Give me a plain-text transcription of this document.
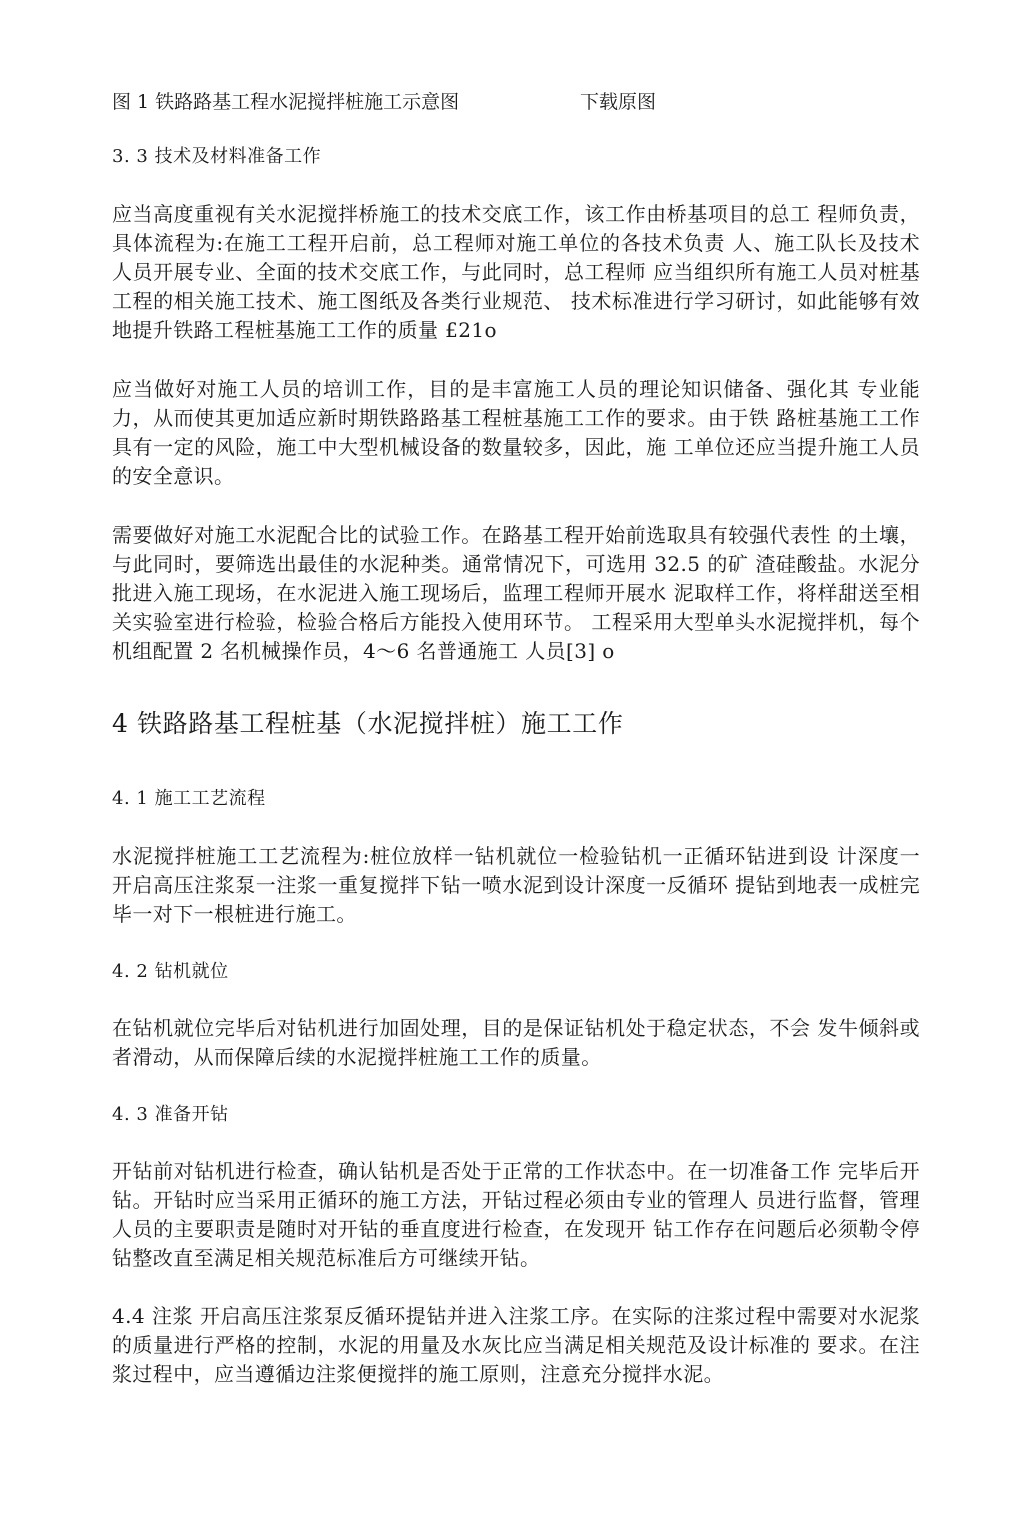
图 1 铁路路基工程水泥搅拌桩施工示意图	下载原图
3. 3 技术及材料准备工作

应当高度重视有关水泥搅拌桥施工的技术交底工作，该工作由桥基项目的总工 程师负责，具体流程为:在施工工程开启前，总工程师对施工单位的各技术负责 人、施工队长及技术人员开展专业、全面的技术交底工作，与此同时，总工程师 应当组织所有施工人员对桩基工程的相关施工技术、施工图纸及各类行业规范、 技术标准进行学习研讨，如此能够有效地提升铁路工程桩基施工工作的质量 £21o

应当做好对施工人员的培训工作，目的是丰富施工人员的理论知识储备、强化其 专业能力，从而使其更加适应新时期铁路路基工程桩基施工工作的要求。由于铁 路桩基施工工作具有一定的风险，施工中大型机械设备的数量较多，因此，施 工单位还应当提升施工人员的安全意识。

需要做好对施工水泥配合比的试验工作。在路基工程开始前选取具有较强代表性 的土壤，与此同时，要筛选出最佳的水泥种类。通常情况下，可选用 32.5 的矿 渣硅酸盐。水泥分批进入施工现场，在水泥进入施工现场后，监理工程师开展水 泥取样工作，将样甜送至相关实验室进行检验，检验合格后方能投入使用环节。 工程采用大型单头水泥搅拌机，每个机组配置 2 名机械操作员，4〜6 名普通施工 人员[3] o

4 铁路路基工程桩基（水泥搅拌桩）施工工作
4. 1 施工工艺流程

水泥搅拌桩施工工艺流程为:桩位放样一钻机就位一检验钻机一正循环钻进到设 计深度一开启高压注浆泵一注浆一重复搅拌下钻一喷水泥到设计深度一反循环 提钻到地表一成桩完毕一对下一根桩进行施工。

4. 2 钻机就位

在钻机就位完毕后对钻机进行加固处理，目的是保证钻机处于稳定状态，不会 发牛倾斜或者滑动，从而保障后续的水泥搅拌桩施工工作的质量。

4. 3 准备开钻

开钻前对钻机进行检查，确认钻机是否处于正常的工作状态中。在一切准备工作 完毕后开钻。开钻时应当采用正循环的施工方法，开钻过程必须由专业的管理人 员进行监督，管理人员的主要职责是随时对开钻的垂直度进行检查，在发现开 钻工作存在问题后必须勒令停钻整改直至满足相关规范标准后方可继续开钻。

4.4 注浆 开启高压注浆泵反循环提钻并进入注浆工序。在实际的注浆过程中需要对水泥浆 的质量进行严格的控制，水泥的用量及水灰比应当满足相关规范及设计标准的 要求。在注浆过程中，应当遵循边注浆便搅拌的施工原则，注意充分搅拌水泥。
